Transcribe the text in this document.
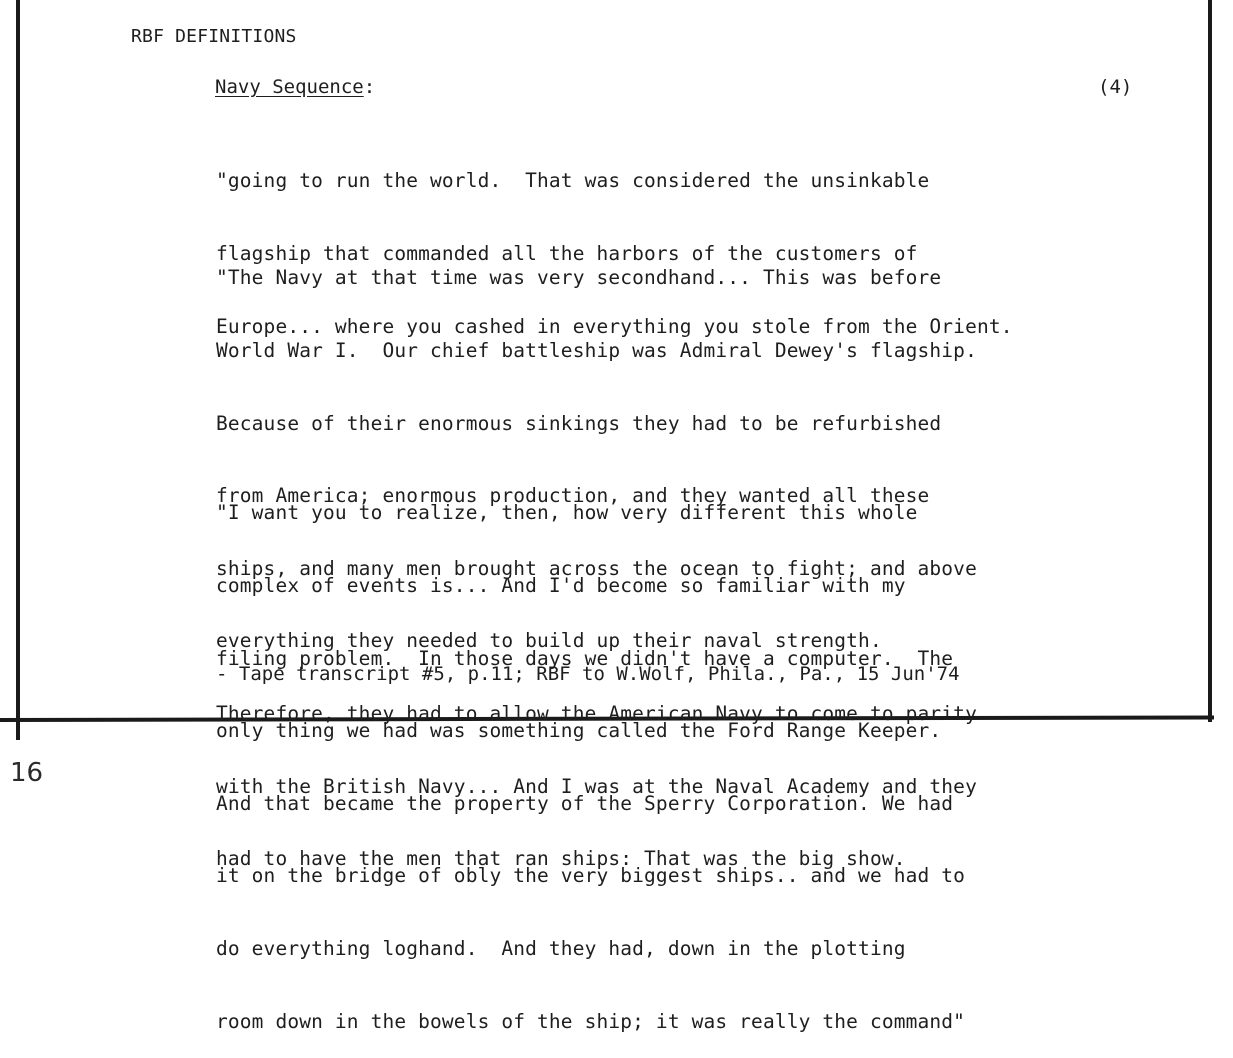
RBF DEFINITIONS
Navy Sequence:	(4)

"going to run the world.  That was considered the unsinkable

flagship that commanded all the harbors of the customers of

Europe... where you cashed in everything you stole from the Orient.

"The Navy at that time was very secondhand... This was before

World War I.  Our chief battleship was Admiral Dewey's flagship.

Because of their enormous sinkings they had to be refurbished

from America; enormous production, and they wanted all these

ships, and many men brought across the ocean to fight; and above

everything they needed to build up their naval strength.

Therefore, they had to allow the American Navy to come to parity

with the British Navy... And I was at the Naval Academy and they

had to have the men that ran ships: That was the big show.

"I want you to realize, then, how very different this whole

complex of events is... And I'd become so familiar with my

filing problem.  In those days we didn't have a computer.  The

only thing we had was something called the Ford Range Keeper.

And that became the property of the Sperry Corporation. We had

it on the bridge of obly the very biggest ships.. and we had to

do everything loghand.  And they had, down in the plotting

room down in the bowels of the ship; it was really the command"

- Tape transcript #5, p.11; RBF to W.Wolf, Phila., Pa., 15 Jun'74
16
